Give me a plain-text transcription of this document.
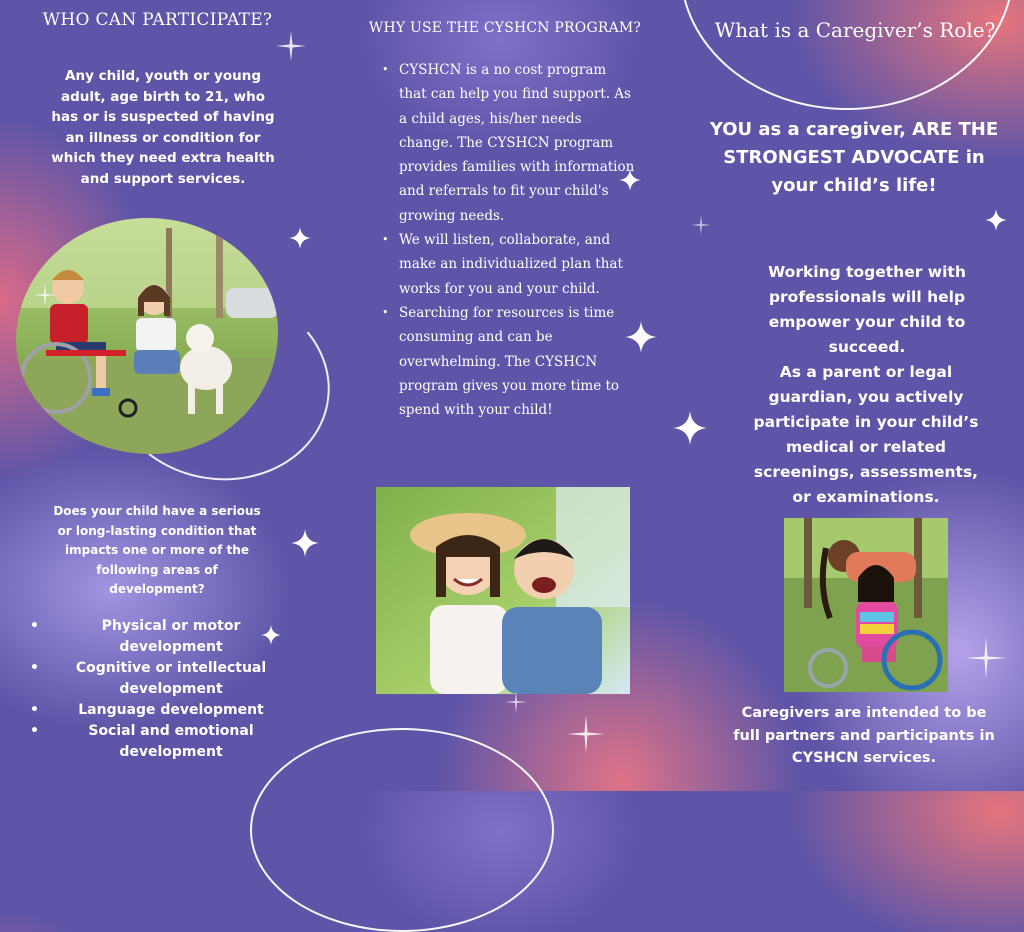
WHO CAN PARTICIPATE?
Any child, youth or young adult, age birth to 21, who has or is suspected of having an illness or condition for which they need extra health and support services.
Does your child have a serious or long-lasting condition that impacts one or more of the following areas of development?
•	Physical or motor development
•	Cognitive or intellectual development
•	Language development
•	Social and emotional development
WHY USE THE CYSHCN PROGRAM?
• CYSHCN is a no cost program that can help you find support. As a child ages, his/her needs change. The CYSHCN program provides families with information and referrals to fit your child's growing needs.
• We will listen, collaborate, and make an individualized plan that works for you and your child.
• Searching for resources is time consuming and can be overwhelming. The CYSHCN program gives you more time to spend with your child!
What is a Caregiver’s Role?
YOU as a caregiver, ARE THE STRONGEST ADVOCATE in your child’s life!
Working together with professionals will help empower your child to succeed.
As a parent or legal guardian, you actively participate in your child’s medical or related screenings, assessments, or examinations.
Caregivers are intended to be full partners and participants in CYSHCN services.
